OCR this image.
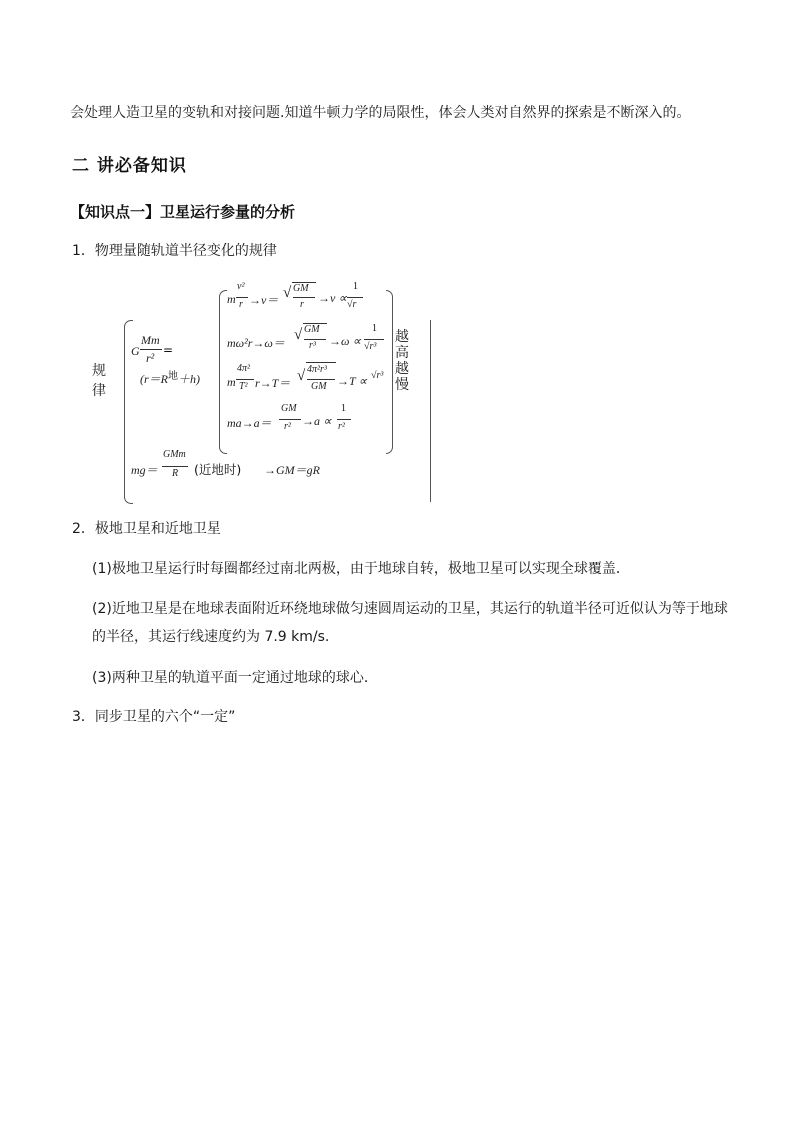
会处理人造卫星的变轨和对接问题.知道牛顿力学的局限性，体会人类对自然界的探索是不断深入的。
二 讲必备知识
【知识点一】卫星运行参量的分析
1．物理量随轨道半径变化的规律
规
律
G
Mm
r²
=
$(r=R^地+h)$
m
v²
r →v＝ √ GM
r →v ∝
1
√r
mω²r→ω＝ √ GM
r³ →ω ∝
1
√r³
m
4π²
T² r→T＝ √ 4π²r³
GM →T ∝ √r³
ma→a＝
GM
r² →a ∝
1
r²
越
高
越
慢
mg＝
GMm
R (近地时) →GM＝gR
2．极地卫星和近地卫星
(1)极地卫星运行时每圈都经过南北两极，由于地球自转，极地卫星可以实现全球覆盖．
(2)近地卫星是在地球表面附近环绕地球做匀速圆周运动的卫星，其运行的轨道半径可近似认为等于地球
的半径，其运行线速度约为 7.9 km/s.
(3)两种卫星的轨道平面一定通过地球的球心．
3．同步卫星的六个“一定”
